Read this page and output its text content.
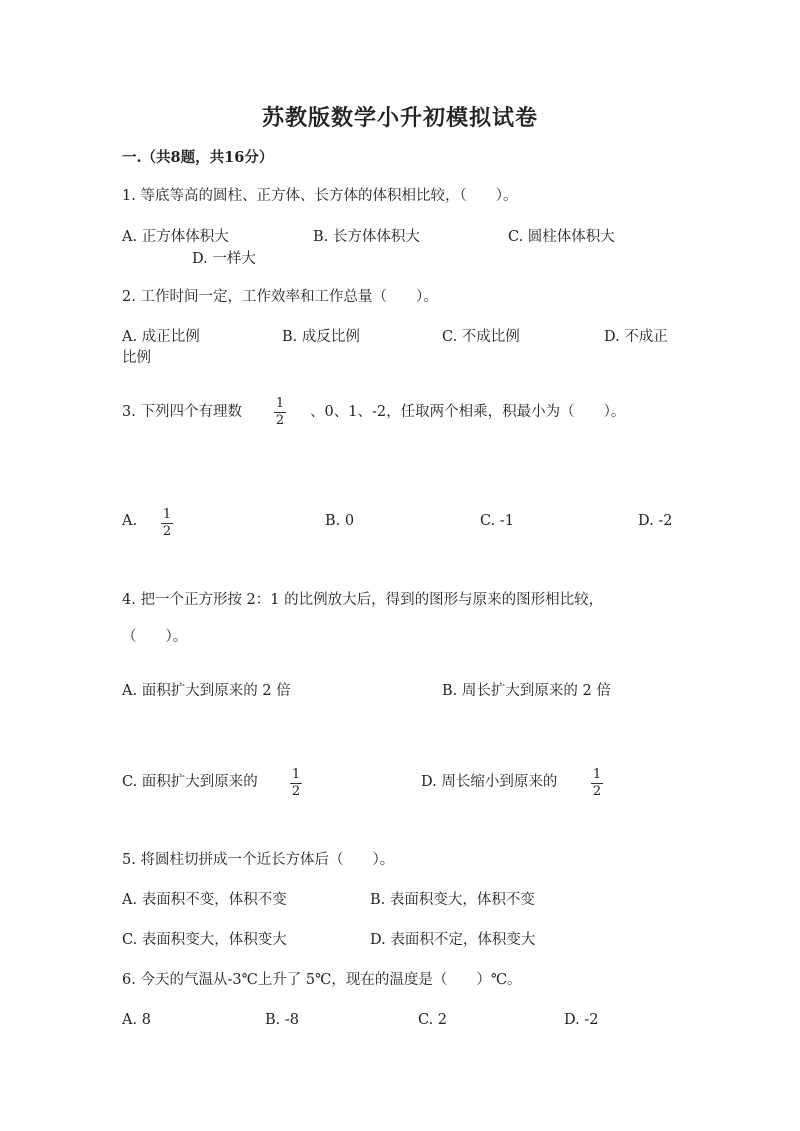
苏教版数学小升初模拟试卷
一.（共8题，共16分）
1. 等底等高的圆柱、正方体、长方体的体积相比较，（　　）。
A. 正方体体积大	B. 长方体体积大	C. 圆柱体体积大
D. 一样大
2. 工作时间一定，工作效率和工作总量（　　）。
A. 成正比例	B. 成反比例	C. 不成比例	D. 不成正
比例
3. 下列四个有理数
1
2
、0、1、-2，任取两个相乘，积最小为（　　）。
A. 1
2
B. 0	C. -1	D. -2
4. 把一个正方形按 2：1 的比例放大后，得到的图形与原来的图形相比较，
（　　）。
A. 面积扩大到原来的 2 倍	B. 周长扩大到原来的 2 倍
C. 面积扩大到原来的	1
2
D. 周长缩小到原来的	1
2
5. 将圆柱切拼成一个近长方体后（　　）。
A. 表面积不变，体积不变	B. 表面积变大，体积不变
C. 表面积变大，体积变大	D. 表面积不定，体积变大
6. 今天的气温从-3℃上升了 5℃，现在的温度是（　　）℃。
A. 8	B. -8	C. 2	D. -2
